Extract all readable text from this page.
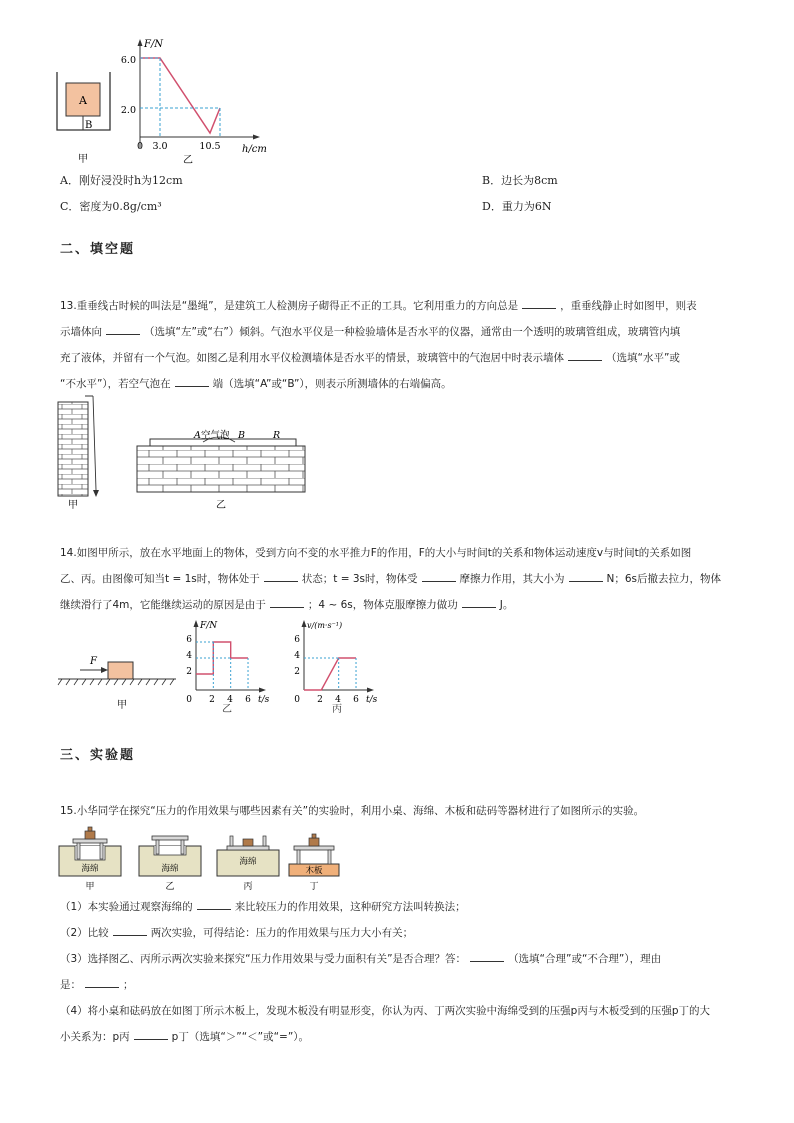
A
B
甲
F/N
h/cm
6.0
2.0
0 3.0	10.5
乙
A．刚好浸没时h为12cm	B．边长为8cm
C．密度为0.8g/cm³	D．重力为6N
二、填空题
13.重垂线古时候的叫法是“墨绳”，是建筑工人检测房子砌得正不正的工具。它利用重力的方向总是	，重垂线静止时如图甲，则表
示墙体向	（选填“左”或“右”）倾斜。气泡水平仪是一种检验墙体是否水平的仪器，通常由一个透明的玻璃管组成，玻璃管内填
充了液体，并留有一个气泡。如图乙是利用水平仪检测墙体是否水平的情景，玻璃管中的气泡居中时表示墙体	（选填“水平”或
“不水平”），若空气泡在	端（选填“A”或“B”），则表示所测墙体的右端偏高。
甲
A 空气泡 B	R
乙
14.如图甲所示，放在水平地面上的物体，受到方向不变的水平推力F的作用，F的大小与时间t的关系和物体运动速度v与时间t的关系如图
乙、丙。由图像可知当t = 1s时，物体处于	状态；t = 3s时，物体受	摩擦力作用，其大小为	N；6s后撤去拉力，物体
继续滑行了4m，它能继续运动的原因是由于	；4 ~ 6s，物体克服摩擦力做功	J。
F
甲
F/N
t/s
6
4
2
0 2 4 6
乙
v/(m·s⁻¹)
t/s
6
4
2
0 2 4 6
丙
三、实验题
15.小华同学在探究“压力的作用效果与哪些因素有关”的实验时，利用小桌、海绵、木板和砝码等器材进行了如图所示的实验。
海绵
甲
海绵
乙
海绵
丙
木板
丁
（1）本实验通过观察海绵的	来比较压力的作用效果，这种研究方法叫转换法；
（2）比较	两次实验，可得结论：压力的作用效果与压力大小有关；
（3）选择图乙、丙所示两次实验来探究“压力作用效果与受力面积有关”是否合理？答：	（选填“合理”或“不合理”），理由
是：	；
（4）将小桌和砝码放在如图丁所示木板上，发现木板没有明显形变，你认为丙、丁两次实验中海绵受到的压强p丙与木板受到的压强p丁的大
小关系为：p丙	p丁（选填“＞”“＜”或“=”）。
